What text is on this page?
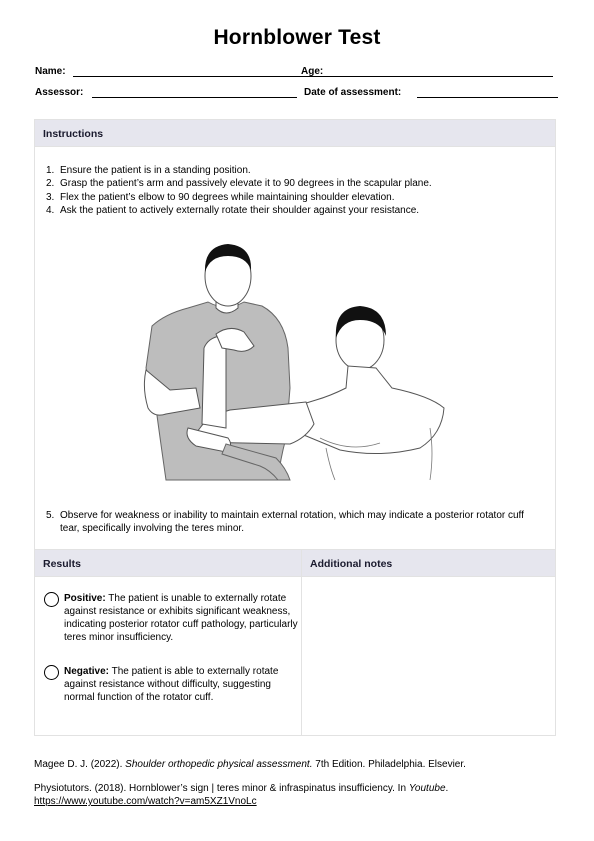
Hornblower Test
Name:	Age:
Assessor:	Date of assessment:
Instructions
1. Ensure the patient is in a standing position.
2. Grasp the patient’s arm and passively elevate it to 90 degrees in the scapular plane.
3. Flex the patient’s elbow to 90 degrees while maintaining shoulder elevation.
4. Ask the patient to actively externally rotate their shoulder against your resistance.
5. Observe for weakness or inability to maintain external rotation, which may indicate a posterior rotator cuff tear, specifically involving the teres minor.
Results	Additional notes
Positive: The patient is unable to externally rotate against resistance or exhibits significant weakness, indicating posterior rotator cuff pathology, particularly teres minor insufficiency.
Negative: The patient is able to externally rotate against resistance without difficulty, suggesting normal function of the rotator cuff.
Magee D. J. (2022). Shoulder orthopedic physical assessment. 7th Edition. Philadelphia. Elsevier.
Physiotutors. (2018). Hornblower’s sign | teres minor & infraspinatus insufficiency. In Youtube.
https://www.youtube.com/watch?v=am5XZ1VnoLc
